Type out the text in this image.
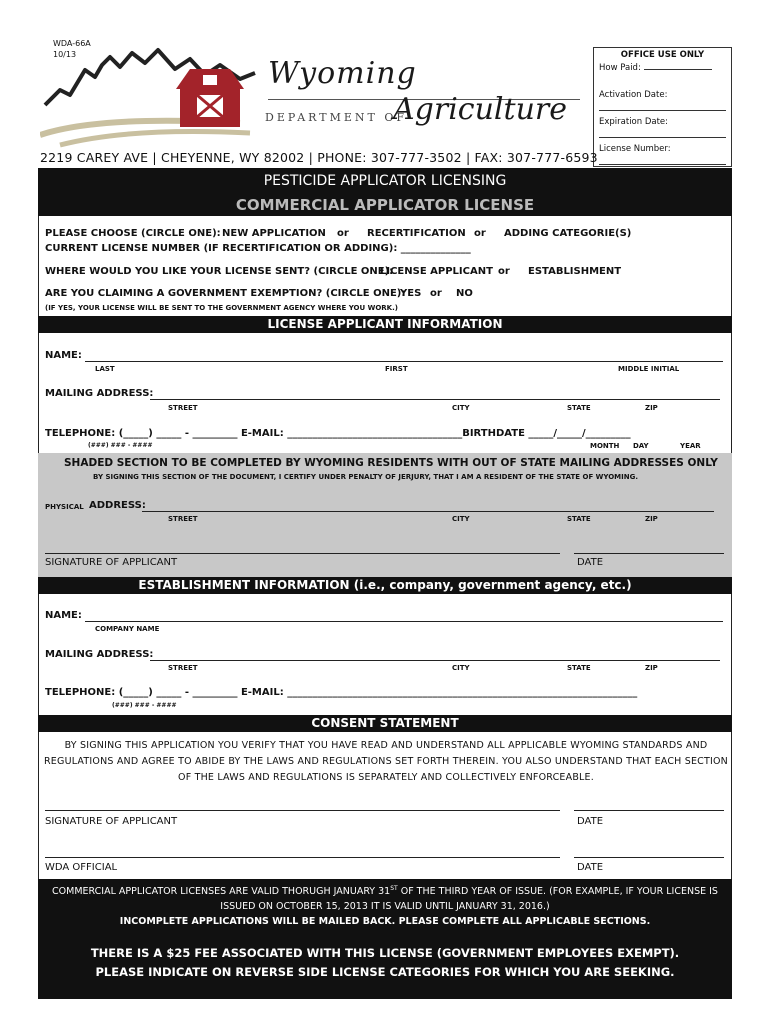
WDA-66A
10/13
Wyoming
DEPARTMENT OF
Agriculture
OFFICE USE ONLY
How Paid:
Activation Date:
Expiration Date:
License Number:
2219 CAREY AVE | CHEYENNE, WY 82002 | PHONE: 307-777-3502 | FAX: 307-777-6593
PESTICIDE APPLICATOR LICENSING
COMMERCIAL APPLICATOR LICENSE
PLEASE CHOOSE (CIRCLE ONE): NEW APPLICATION or RECERTIFICATION or ADDING CATEGORIE(S)
CURRENT LICENSE NUMBER (IF RECERTIFICATION OR ADDING): ______________
WHERE WOULD YOU LIKE YOUR LICENSE SENT? (CIRCLE ONE):
LICENSE APPLICANT or ESTABLISHMENT
ARE YOU CLAIMING A GOVERNMENT EXEMPTION? (CIRCLE ONE):
YES or NO
(IF YES, YOUR LICENSE WILL BE SENT TO THE GOVERNMENT AGENCY WHERE YOU WORK.)
LICENSE APPLICANT INFORMATION
NAME:
LAST	FIRST	MIDDLE INITIAL
MAILING ADDRESS:
STREET	CITY	STATE	ZIP
TELEPHONE: (_____) _____ - _________ E-MAIL: ___________________________________BIRTHDATE _____/_____/_________
(###) ### - ####	MONTH DAY	YEAR
SHADED SECTION TO BE COMPLETED BY WYOMING RESIDENTS WITH OUT OF STATE MAILING ADDRESSES ONLY
BY SIGNING THIS SECTION OF THE DOCUMENT, I CERTIFY UNDER PENALTY OF JERJURY, THAT I AM A RESIDENT OF THE STATE OF WYOMING.
PHYSICAL ADDRESS:
STREET	CITY	STATE	ZIP
SIGNATURE OF APPLICANT	DATE
ESTABLISHMENT INFORMATION (i.e., company, government agency, etc.)
NAME:
COMPANY NAME
MAILING ADDRESS:
STREET	CITY	STATE	ZIP
TELEPHONE: (_____) _____ - _________ E-MAIL: ______________________________________________________________________
(###) ### - ####
CONSENT STATEMENT
BY SIGNING THIS APPLICATION YOU VERIFY THAT YOU HAVE READ AND UNDERSTAND ALL APPLICABLE WYOMING STANDARDS AND REGULATIONS AND AGREE TO ABIDE BY THE LAWS AND REGULATIONS SET FORTH THEREIN. YOU ALSO UNDERSTAND THAT EACH SECTION OF THE LAWS AND REGULATIONS IS SEPARATELY AND COLLECTIVELY ENFORCEABLE.
SIGNATURE OF APPLICANT	DATE
WDA OFFICIAL	DATE
COMMERCIAL APPLICATOR LICENSES ARE VALID THORUGH JANUARY 31ST OF THE THIRD YEAR OF ISSUE. (FOR EXAMPLE, IF YOUR LICENSE IS ISSUED ON OCTOBER 15, 2013 IT IS VALID UNTIL JANUARY 31, 2016.)
INCOMPLETE APPLICATIONS WILL BE MAILED BACK. PLEASE COMPLETE ALL APPLICABLE SECTIONS.
THERE IS A $25 FEE ASSOCIATED WITH THIS LICENSE (GOVERNMENT EMPLOYEES EXEMPT).
PLEASE INDICATE ON REVERSE SIDE LICENSE CATEGORIES FOR WHICH YOU ARE SEEKING.
